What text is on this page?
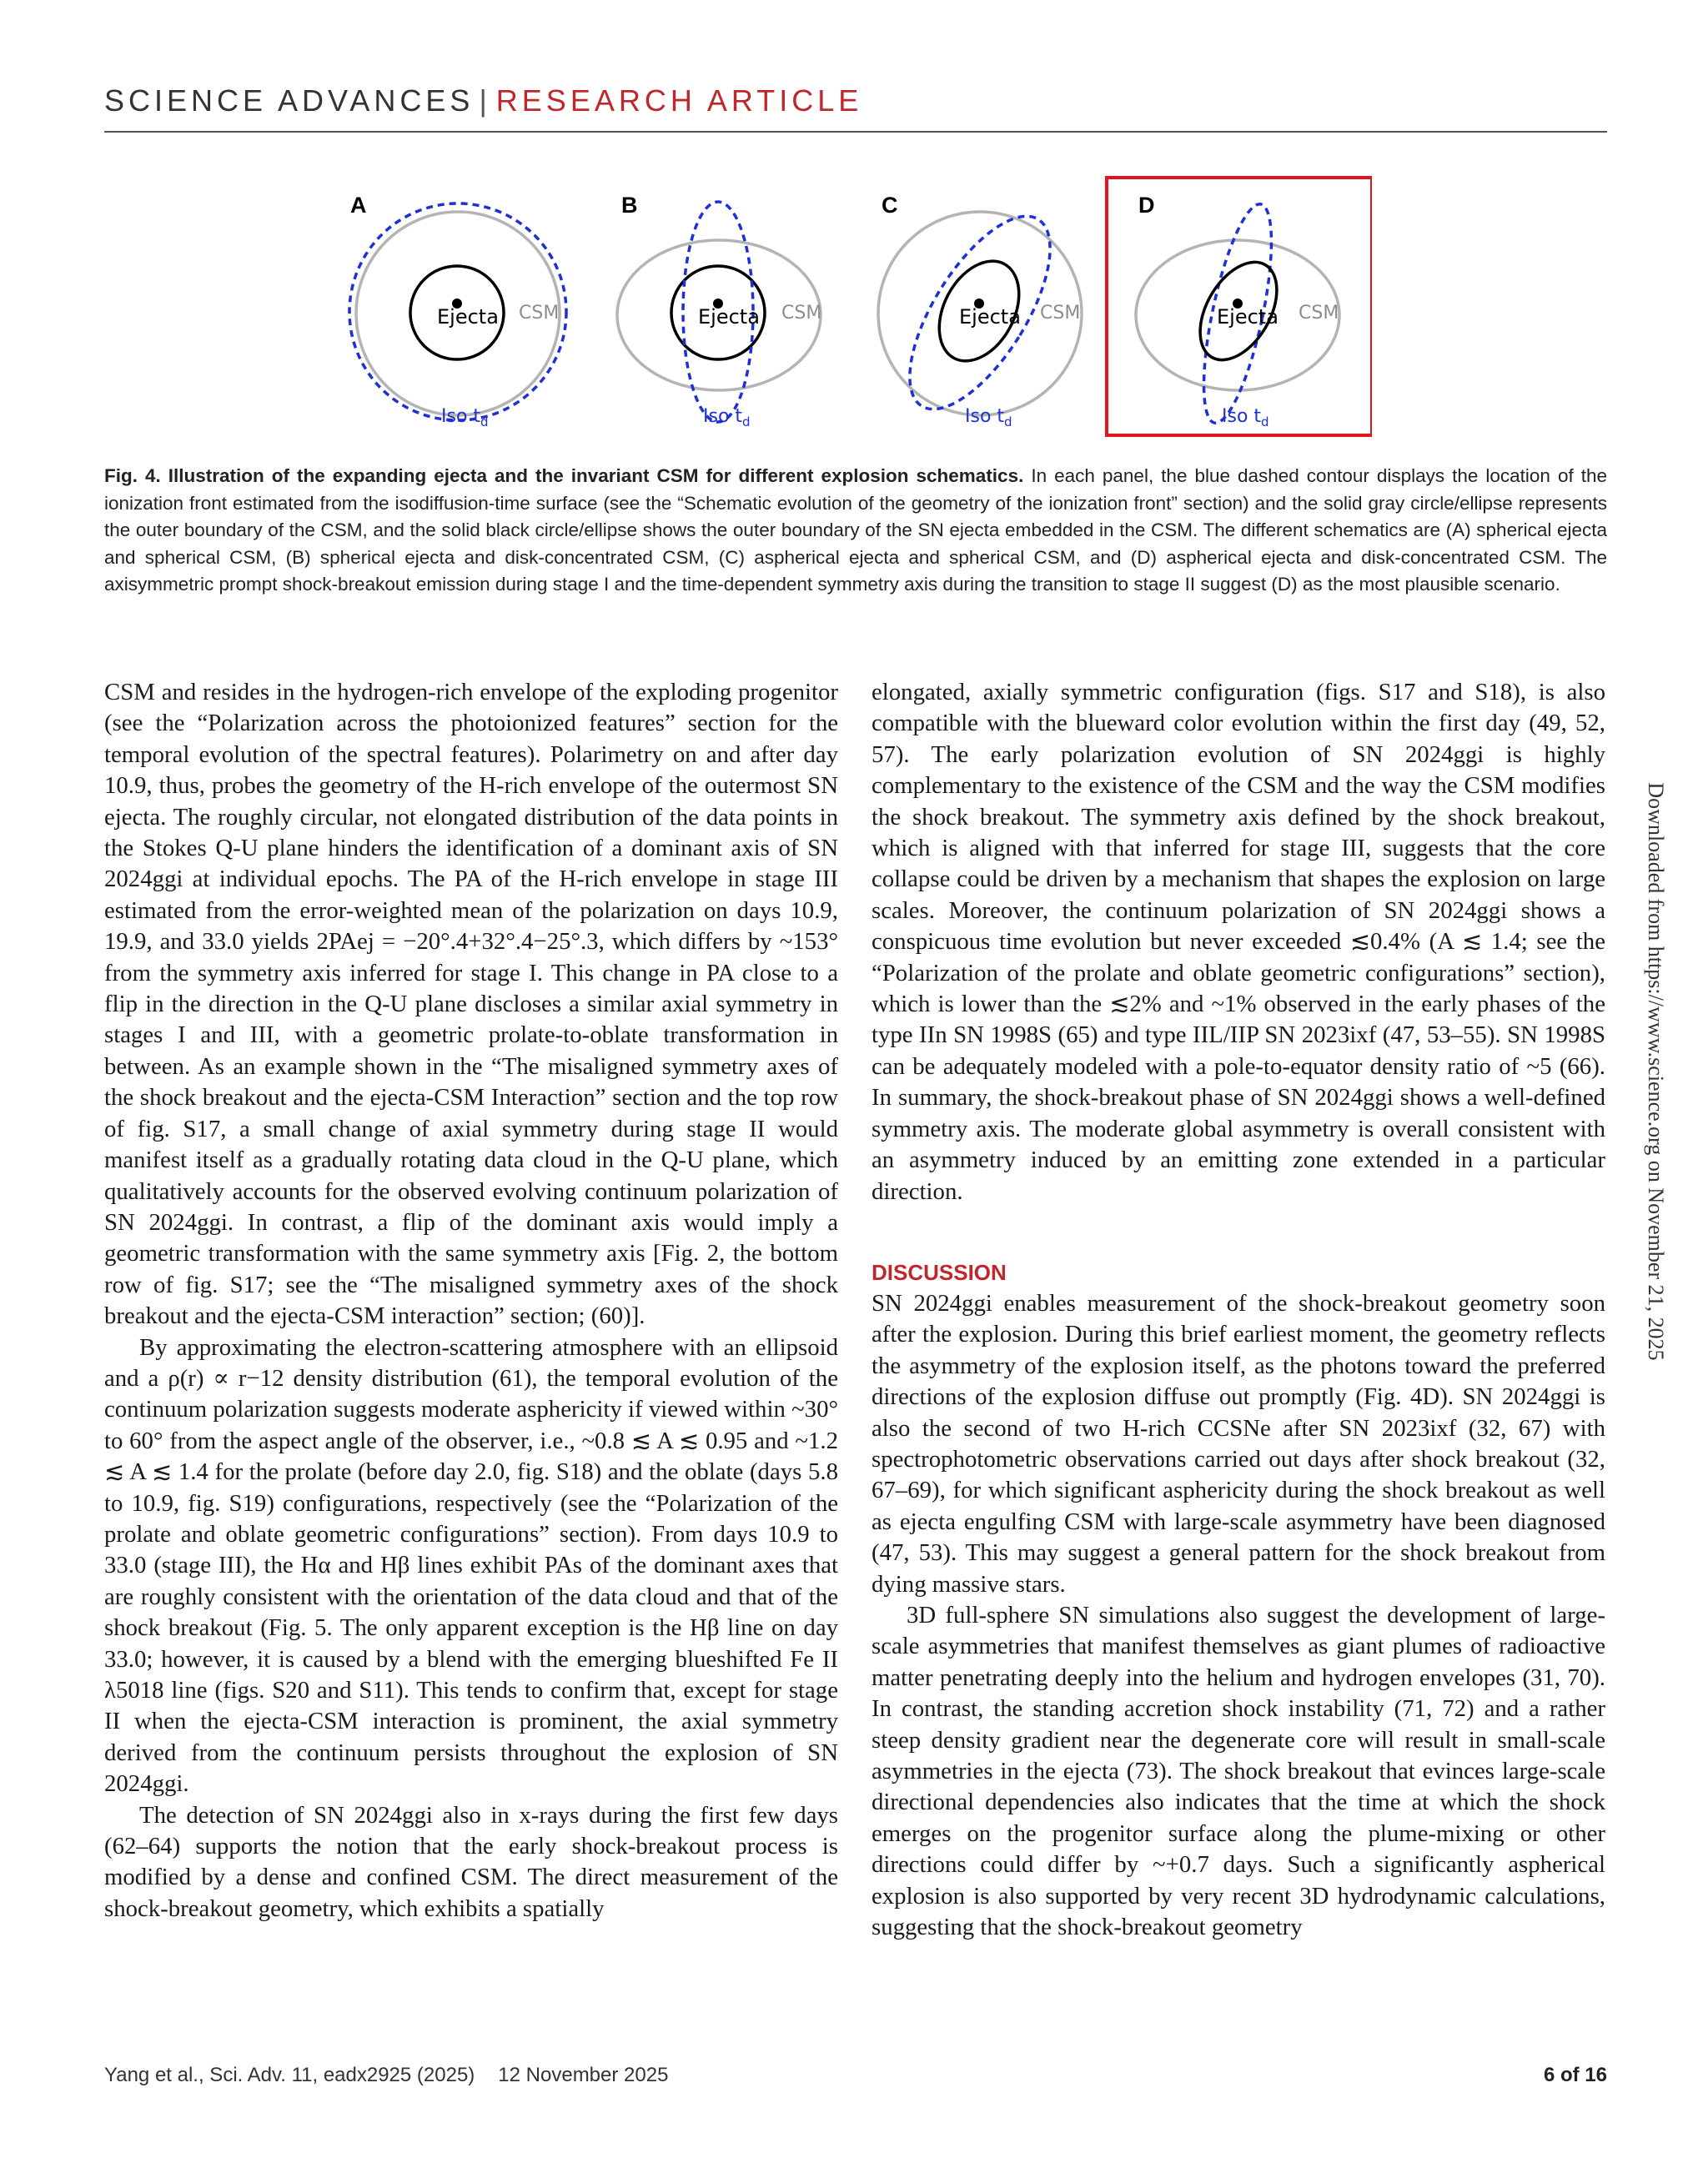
SCIENCE ADVANCES | RESEARCH ARTICLE
A
Ejecta CSM
Iso $t_d$
B
Ejecta CSM
Iso $t_d$
C
Ejecta CSM
Iso $t_d$
D
Ejecta CSM
Iso $t_d$
Fig. 4. Illustration of the expanding ejecta and the invariant CSM for different explosion schematics. In each panel, the blue dashed contour displays the location of the ionization front estimated from the isodiffusion-time surface (see the “Schematic evolution of the geometry of the ionization front” section) and the solid gray circle/ellipse represents the outer boundary of the CSM, and the solid black circle/ellipse shows the outer boundary of the SN ejecta embedded in the CSM. The different schematics are (A) spherical ejecta and spherical CSM, (B) spherical ejecta and disk-concentrated CSM, (C) aspherical ejecta and spherical CSM, and (D) aspherical ejecta and disk-concentrated CSM. The axisymmetric prompt shock-breakout emission during stage I and the time-dependent symmetry axis during the transition to stage II suggest (D) as the most plausible scenario.

CSM and resides in the hydrogen-rich envelope of the exploding progenitor (see the “Polarization across the photoionized features” section for the temporal evolution of the spectral features). Polarimetry on and after day 10.9, thus, probes the geometry of the H-rich envelope of the outermost SN ejecta. The roughly circular, not elongated distribution of the data points in the Stokes Q-U plane hinders the identification of a dominant axis of SN 2024ggi at individual epochs. The PA of the H-rich envelope in stage III estimated from the error-weighted mean of the polarization on days 10.9, 19.9, and 33.0 yields 2PAej = −20°.4+32°.4−25°.3, which differs by ~153° from the symmetry axis inferred for stage I. This change in PA close to a flip in the direction in the Q-U plane discloses a similar axial symmetry in stages I and III, with a geometric prolate-to-oblate transformation in between. As an example shown in the “The misaligned symmetry axes of the shock breakout and the ejecta-CSM Interaction” section and the top row of fig. S17, a small change of axial symmetry during stage II would manifest itself as a gradually rotating data cloud in the Q-U plane, which qualitatively accounts for the observed evolving continuum polarization of SN 2024ggi. In contrast, a flip of the dominant axis would imply a geometric transformation with the same symmetry axis [Fig. 2, the bottom row of fig. S17; see the “The misaligned symmetry axes of the shock breakout and the ejecta-CSM interaction” section; (60)].

By approximating the electron-scattering atmosphere with an ellipsoid and a ρ(r) ∝ r−12 density distribution (61), the temporal evolution of the continuum polarization suggests moderate asphericity if viewed within ~30° to 60° from the aspect angle of the observer, i.e., ~0.8 ≲ A ≲ 0.95 and ~1.2 ≲ A ≲ 1.4 for the prolate (before day 2.0, fig. S18) and the oblate (days 5.8 to 10.9, fig. S19) configurations, respectively (see the “Polarization of the prolate and oblate geometric configurations” section). From days 10.9 to 33.0 (stage III), the Hα and Hβ lines exhibit PAs of the dominant axes that are roughly consistent with the orientation of the data cloud and that of the shock breakout (Fig. 5. The only apparent exception is the Hβ line on day 33.0; however, it is caused by a blend with the emerging blueshifted Fe II λ5018 line (figs. S20 and S11). This tends to confirm that, except for stage II when the ejecta-CSM interaction is prominent, the axial symmetry derived from the continuum persists throughout the explosion of SN 2024ggi.

The detection of SN 2024ggi also in x-rays during the first few days (62–64) supports the notion that the early shock-breakout process is modified by a dense and confined CSM. The direct measurement of the shock-breakout geometry, which exhibits a spatially

elongated, axially symmetric configuration (figs. S17 and S18), is also compatible with the blueward color evolution within the first day (49, 52, 57). The early polarization evolution of SN 2024ggi is highly complementary to the existence of the CSM and the way the CSM modifies the shock breakout. The symmetry axis defined by the shock breakout, which is aligned with that inferred for stage III, suggests that the core collapse could be driven by a mechanism that shapes the explosion on large scales. Moreover, the continuum polarization of SN 2024ggi shows a conspicuous time evolution but never exceeded ≲0.4% (A ≲ 1.4; see the “Polarization of the prolate and oblate geometric configurations” section), which is lower than the ≲2% and ~1% observed in the early phases of the type IIn SN 1998S (65) and type IIL/IIP SN 2023ixf (47, 53–55). SN 1998S can be adequately modeled with a pole-to-equator density ratio of ~5 (66). In summary, the shock-breakout phase of SN 2024ggi shows a well-defined symmetry axis. The moderate global asymmetry is overall consistent with an asymmetry induced by an emitting zone extended in a particular direction.

DISCUSSION

SN 2024ggi enables measurement of the shock-breakout geometry soon after the explosion. During this brief earliest moment, the geometry reflects the asymmetry of the explosion itself, as the photons toward the preferred directions of the explosion diffuse out promptly (Fig. 4D). SN 2024ggi is also the second of two H-rich CCSNe after SN 2023ixf (32, 67) with spectrophotometric observations carried out days after shock breakout (32, 67–69), for which significant asphericity during the shock breakout as well as ejecta engulfing CSM with large-scale asymmetry have been diagnosed (47, 53). This may suggest a general pattern for the shock breakout from dying massive stars.

3D full-sphere SN simulations also suggest the development of large-scale asymmetries that manifest themselves as giant plumes of radioactive matter penetrating deeply into the helium and hydrogen envelopes (31, 70). In contrast, the standing accretion shock instability (71, 72) and a rather steep density gradient near the degenerate core will result in small-scale asymmetries in the ejecta (73). The shock breakout that evinces large-scale directional dependencies also indicates that the time at which the shock emerges on the progenitor surface along the plume-mixing or other directions could differ by ~+0.7 days. Such a significantly aspherical explosion is also supported by very recent 3D hydrodynamic calculations, suggesting that the shock-breakout geometry

Downloaded from https://www.science.org on November 21, 2025
Yang et al., Sci. Adv. 11, eadx2925 (2025) 12 November 2025	6 of 16
